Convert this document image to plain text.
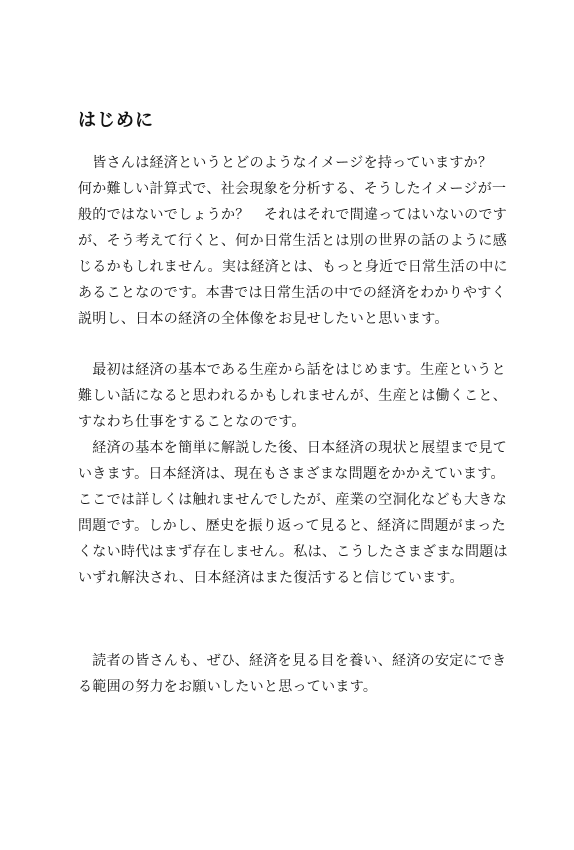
はじめに
　皆さんは経済というとどのようなイメージを持っていますか？
何か難しい計算式で、社会現象を分析する、そうしたイメージが一
般的ではないでしょうか？　それはそれで間違ってはいないのです
が、そう考えて行くと、何か日常生活とは別の世界の話のように感
じるかもしれません。実は経済とは、もっと身近で日常生活の中に
あることなのです。本書では日常生活の中での経済をわかりやすく
説明し、日本の経済の全体像をお見せしたいと思います。
　最初は経済の基本である生産から話をはじめます。生産というと
難しい話になると思われるかもしれませんが、生産とは働くこと、
すなわち仕事をすることなのです。
　経済の基本を簡単に解説した後、日本経済の現状と展望まで見て
いきます。日本経済は、現在もさまざまな問題をかかえています。
ここでは詳しくは触れませんでしたが、産業の空洞化なども大きな
問題です。しかし、歴史を振り返って見ると、経済に問題がまった
くない時代はまず存在しません。私は、こうしたさまざまな問題は
いずれ解決され、日本経済はまた復活すると信じています。
　読者の皆さんも、ぜひ、経済を見る目を養い、経済の安定にでき
る範囲の努力をお願いしたいと思っています。
